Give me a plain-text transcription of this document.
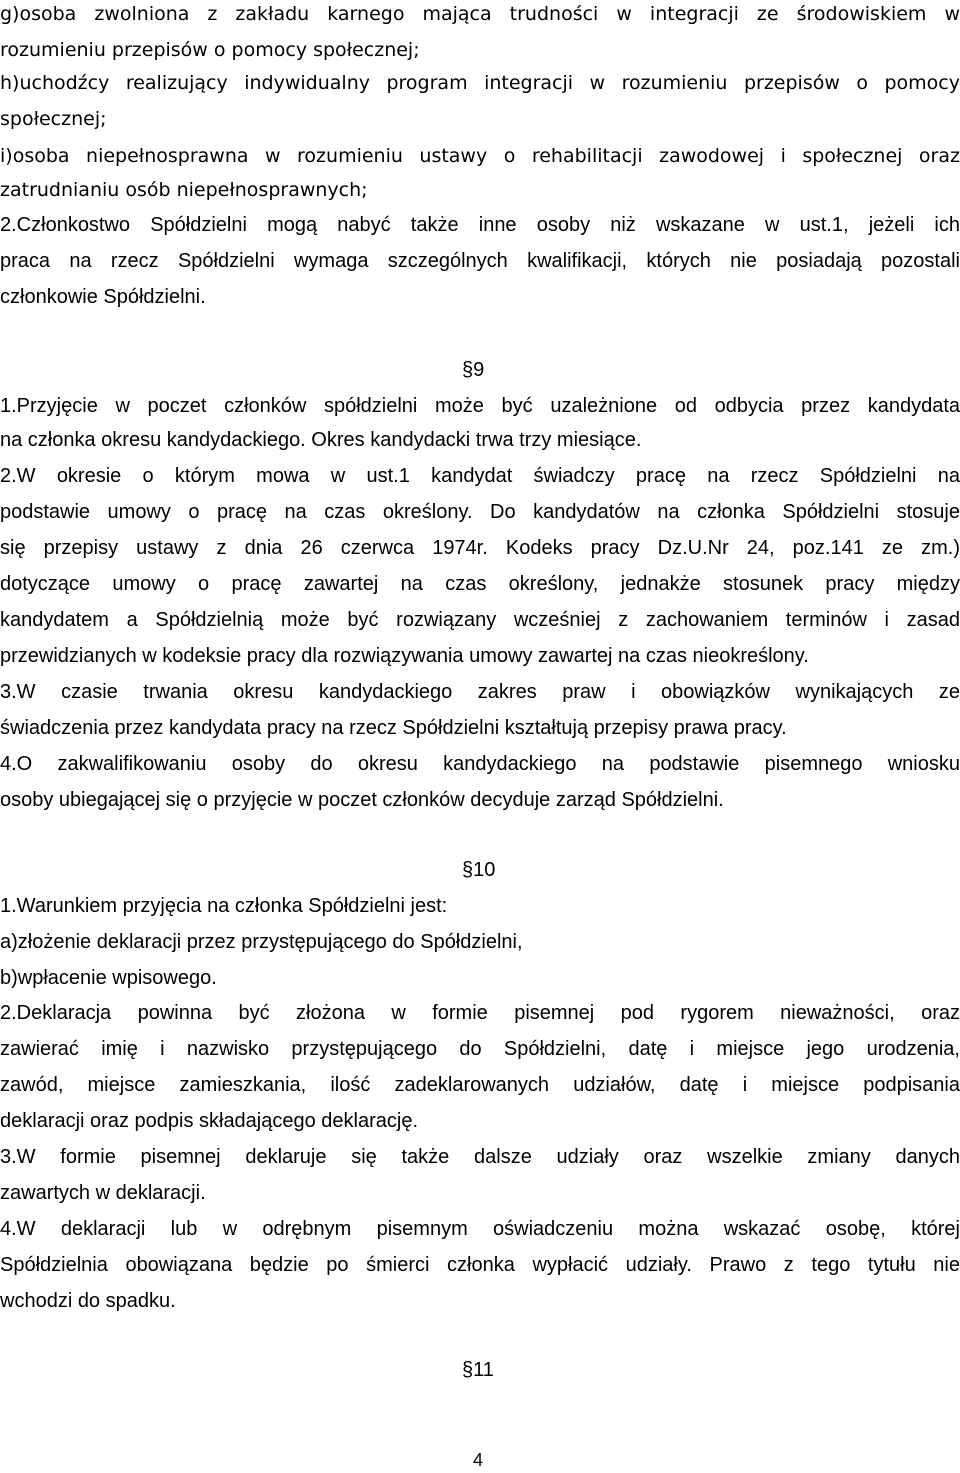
g)osoba zwolniona z zakładu karnego mająca trudności w integracji ze środowiskiem w
rozumieniu przepisów o pomocy społecznej;
h)uchodźcy realizujący indywidualny program integracji w rozumieniu przepisów o pomocy
społecznej;
i)osoba niepełnosprawna w rozumieniu ustawy o rehabilitacji zawodowej i społecznej oraz
zatrudnianiu osób niepełnosprawnych;
2.Członkostwo Spółdzielni mogą nabyć także inne osoby niż wskazane w ust.1, jeżeli ich
praca na rzecz Spółdzielni wymaga szczególnych kwalifikacji, których nie posiadają pozostali
członkowie Spółdzielni.
§9
1.Przyjęcie w poczet członków spółdzielni może być uzależnione od odbycia przez kandydata
na członka okresu kandydackiego. Okres kandydacki trwa trzy miesiące.
2.W okresie o którym mowa w ust.1 kandydat świadczy pracę na rzecz Spółdzielni na
podstawie umowy o pracę na czas określony. Do kandydatów na członka Spółdzielni stosuje
się przepisy ustawy z dnia 26 czerwca 1974r. Kodeks pracy Dz.U.Nr 24, poz.141 ze zm.)
dotyczące umowy o pracę zawartej na czas określony, jednakże stosunek pracy między
kandydatem a Spółdzielnią może być rozwiązany wcześniej z zachowaniem terminów i zasad
przewidzianych w kodeksie pracy dla rozwiązywania umowy zawartej na czas nieokreślony.
3.W czasie trwania okresu kandydackiego zakres praw i obowiązków wynikających ze
świadczenia przez kandydata pracy na rzecz Spółdzielni kształtują przepisy prawa pracy.
4.O zakwalifikowaniu osoby do okresu kandydackiego na podstawie pisemnego wniosku
osoby ubiegającej się o przyjęcie w poczet członków decyduje zarząd Spółdzielni.
§10
1.Warunkiem przyjęcia na członka Spółdzielni jest:
a)złożenie deklaracji przez przystępującego do Spółdzielni,
b)wpłacenie wpisowego.
2.Deklaracja powinna być złożona w formie pisemnej pod rygorem nieważności, oraz
zawierać imię i nazwisko przystępującego do Spółdzielni, datę i miejsce jego urodzenia,
zawód, miejsce zamieszkania, ilość zadeklarowanych udziałów, datę i miejsce podpisania
deklaracji oraz podpis składającego deklarację.
3.W formie pisemnej deklaruje się także dalsze udziały oraz wszelkie zmiany danych
zawartych w deklaracji.
4.W deklaracji lub w odrębnym pisemnym oświadczeniu można wskazać osobę, której
Spółdzielnia obowiązana będzie po śmierci członka wypłacić udziały. Prawo z tego tytułu nie
wchodzi do spadku.
§11
4
